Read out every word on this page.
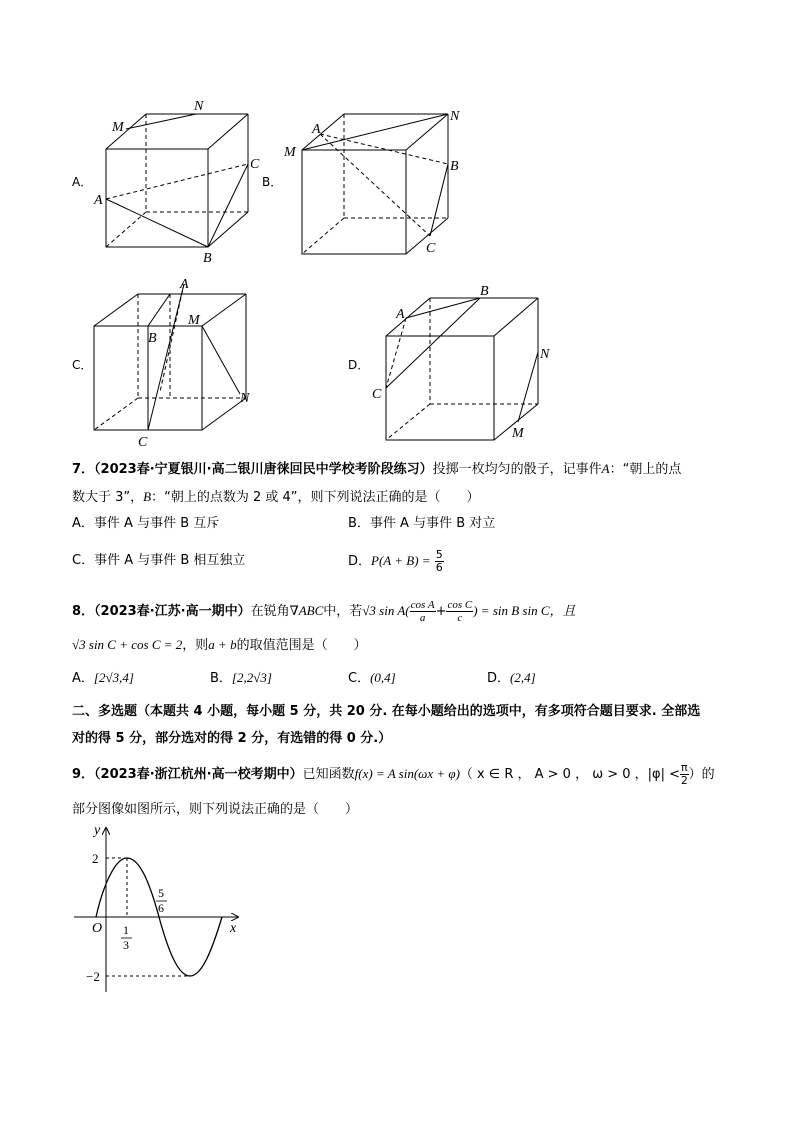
A．
M
N
C
A
B
B．
A
N
M
B
C
C．
A
M
B
N
C
D．
B
A
N
C
M
7．（2023春·宁夏银川·高二银川唐徕回民中学校考阶段练习）投掷一枚均匀的骰子，记事件A：“朝上的点
数大于 3”，B：“朝上的点数为 2 或 4”，则下列说法正确的是（　　）
A．事件 A 与事件 B 互斥	B．事件 A 与事件 B 对立
C．事件 A 与事件 B 相互独立	D．$P(A + B) = \frac{5}{6}$
8．（2023春·江苏·高一期中）在锐角∇ABC中，若√3 $\sin A( \frac{\text{cos A}}{a} + \frac{\text{cos C}}{c}$ ) = sin B sin C，且
√3 sin C + cos C = 2，则a + b的取值范围是（　　）
A．[2√3,4]	B．[2,2√3]	C．(0,4]	D．(2,4]
二、多选题（本题共 4 小题，每小题 5 分，共 20 分. 在每小题给出的选项中，有多项符合题目要求. 全部选
对的得 5 分，部分选对的得 2 分，有选错的得 0 分.）
9．（2023春·浙江杭州·高一校考期中）已知函数f(x) = A sin(ωx + φ)（ x ∈ R ， A > 0 ， ω > 0 ，$|\varphi| < \frac{\pi}{2}$ ）的
部分图像如图所示，则下列说法正确的是（　　）
y
x
O
2
−2
1
3
5
6
